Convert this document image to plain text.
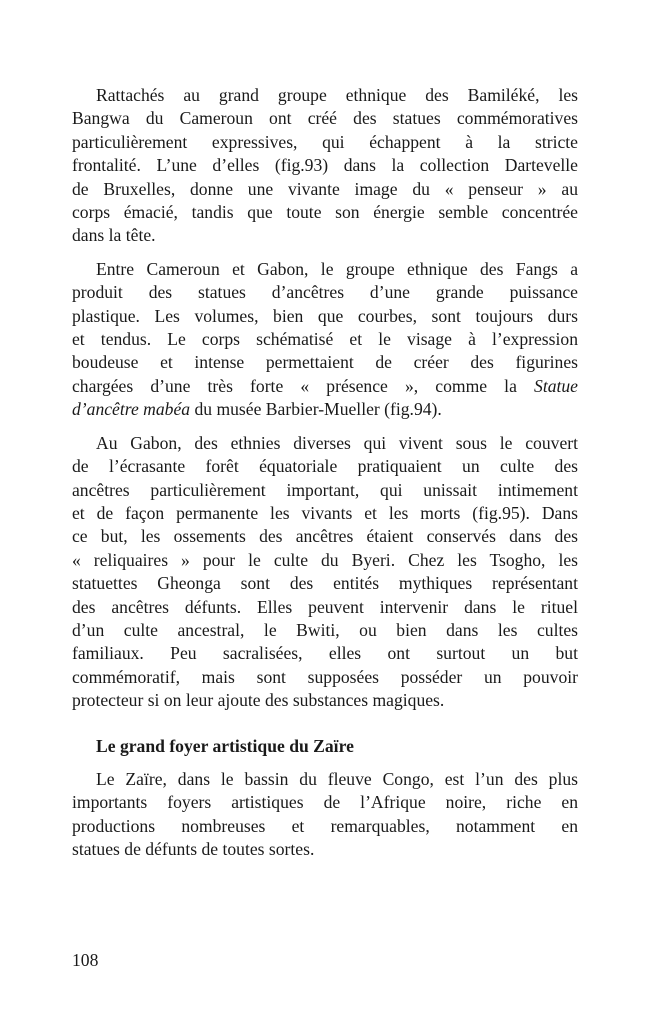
Rattachés au grand groupe ethnique des Bamiléké, les
Bangwa du Cameroun ont créé des statues commémoratives
particulièrement expressives, qui échappent à la stricte
frontalité. L’une d’elles (fig.93) dans la collection Dartevelle
de Bruxelles, donne une vivante image du « penseur » au
corps émacié, tandis que toute son énergie semble concentrée
dans la tête.
Entre Cameroun et Gabon, le groupe ethnique des Fangs a
produit des statues d’ancêtres d’une grande puissance
plastique. Les volumes, bien que courbes, sont toujours durs
et tendus. Le corps schématisé et le visage à l’expression
boudeuse et intense permettaient de créer des figurines
chargées d’une très forte « présence », comme la Statue
d’ancêtre mabéa du musée Barbier-Mueller (fig.94).
Au Gabon, des ethnies diverses qui vivent sous le couvert
de l’écrasante forêt équatoriale pratiquaient un culte des
ancêtres particulièrement important, qui unissait intimement
et de façon permanente les vivants et les morts (fig.95). Dans
ce but, les ossements des ancêtres étaient conservés dans des
« reliquaires » pour le culte du Byeri. Chez les Tsogho, les
statuettes Gheonga sont des entités mythiques représentant
des ancêtres défunts. Elles peuvent intervenir dans le rituel
d’un culte ancestral, le Bwiti, ou bien dans les cultes
familiaux. Peu sacralisées, elles ont surtout un but
commémoratif, mais sont supposées posséder un pouvoir
protecteur si on leur ajoute des substances magiques.
Le grand foyer artistique du Zaïre
Le Zaïre, dans le bassin du fleuve Congo, est l’un des plus
importants foyers artistiques de l’Afrique noire, riche en
productions nombreuses et remarquables, notamment en
statues de défunts de toutes sortes.
108
